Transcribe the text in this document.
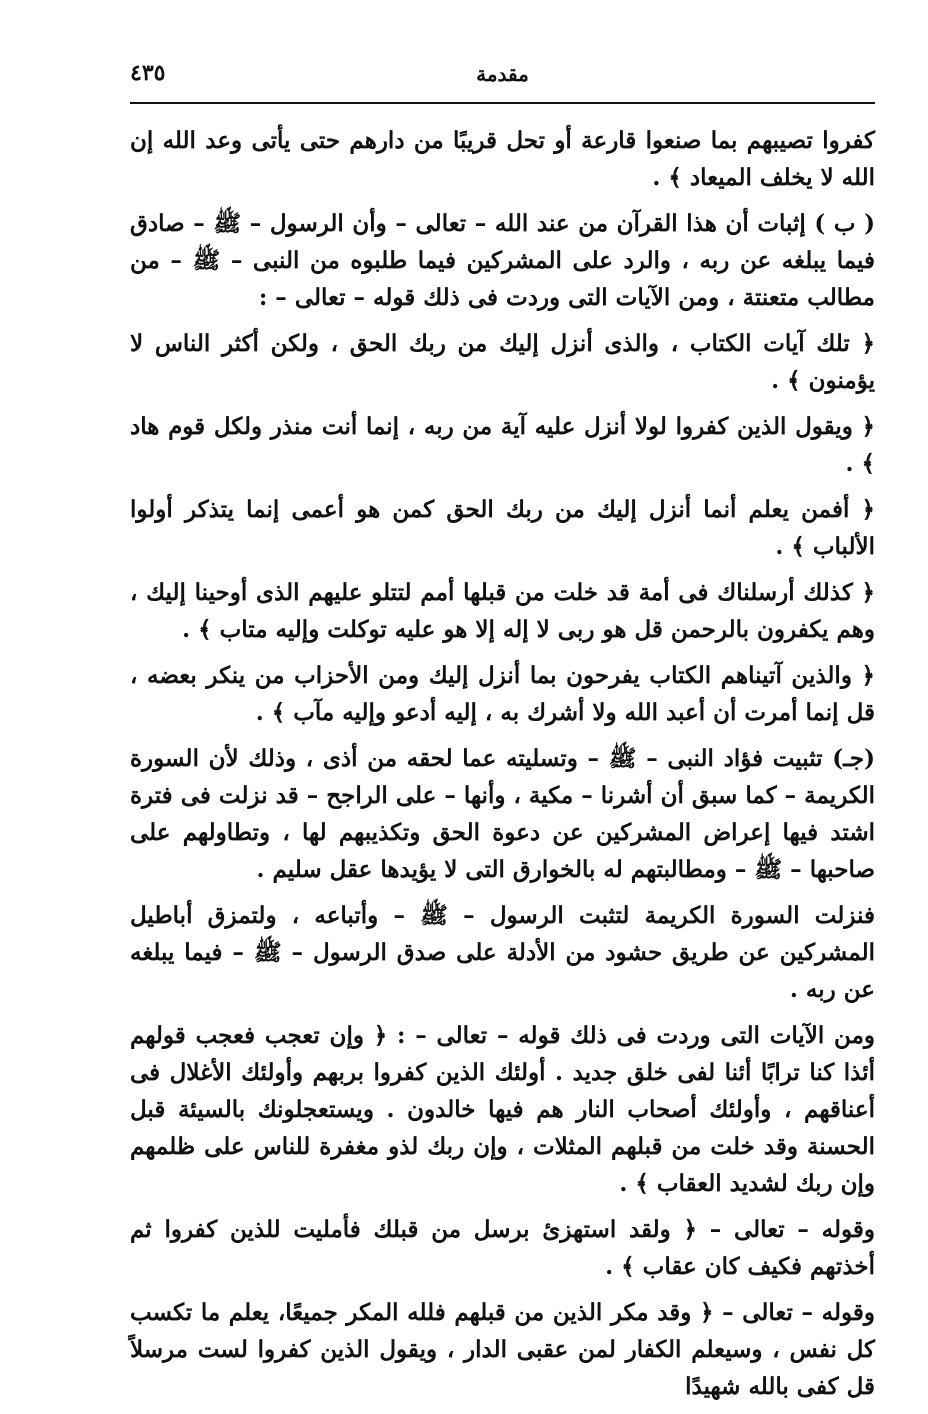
مقدمة
٤٣٥

كفروا تصيبهم بما صنعوا قارعة أو تحل قريبًا من دارهم حتى يأتى وعد الله إن الله لا يخلف الميعاد ﴾ .

( ب ) إثبات أن هذا القرآن من عند الله – تعالى – وأن الرسول – ﷺ – صادق فيما يبلغه عن ربه ، والرد على المشركين فيما طلبوه من النبى – ﷺ – من مطالب متعنتة ، ومن الآيات التى وردت فى ذلك قوله – تعالى – :

﴿ تلك آيات الكتاب ، والذى أنزل إليك من ربك الحق ، ولكن أكثر الناس لا يؤمنون ﴾ .

﴿ ويقول الذين كفروا لولا أنزل عليه آية من ربه ، إنما أنت منذر ولكل قوم هاد ﴾ .

﴿ أفمن يعلم أنما أنزل إليك من ربك الحق كمن هو أعمى إنما يتذكر أولوا الألباب ﴾ .

﴿ كذلك أرسلناك فى أمة قد خلت من قبلها أمم لتتلو عليهم الذى أوحينا إليك ، وهم يكفرون بالرحمن قل هو ربى لا إله إلا هو عليه توكلت وإليه متاب ﴾ .

﴿ والذين آتيناهم الكتاب يفرحون بما أنزل إليك ومن الأحزاب من ينكر بعضه ، قل إنما أمرت أن أعبد الله ولا أشرك به ، إليه أدعو وإليه مآب ﴾ .

(جـ) تثبيت فؤاد النبى – ﷺ – وتسليته عما لحقه من أذى ، وذلك لأن السورة الكريمة – كما سبق أن أشرنا – مكية ، وأنها – على الراجح – قد نزلت فى فترة اشتد فيها إعراض المشركين عن دعوة الحق وتكذيبهم لها ، وتطاولهم على صاحبها – ﷺ – ومطالبتهم له بالخوارق التى لا يؤيدها عقل سليم .

فنزلت السورة الكريمة لتثبت الرسول – ﷺ – وأتباعه ، ولتمزق أباطيل المشركين عن طريق حشود من الأدلة على صدق الرسول – ﷺ – فيما يبلغه عن ربه .

ومن الآيات التى وردت فى ذلك قوله – تعالى – : ﴿ وإن تعجب فعجب قولهم أئذا كنا ترابًا أئنا لفى خلق جديد . أولئك الذين كفروا بربهم وأولئك الأغلال فى أعناقهم ، وأولئك أصحاب النار هم فيها خالدون . ويستعجلونك بالسيئة قبل الحسنة وقد خلت من قبلهم المثلات ، وإن ربك لذو مغفرة للناس على ظلمهم وإن ربك لشديد العقاب ﴾ .

وقوله – تعالى – ﴿ ولقد استهزئ برسل من قبلك فأمليت للذين كفروا ثم أخذتهم فكيف كان عقاب ﴾ .

وقوله – تعالى – ﴿ وقد مكر الذين من قبلهم فلله المكر جميعًا، يعلم ما تكسب كل نفس ، وسيعلم الكفار لمن عقبى الدار ، ويقول الذين كفروا لست مرسلاً قل كفى بالله شهيدًا
